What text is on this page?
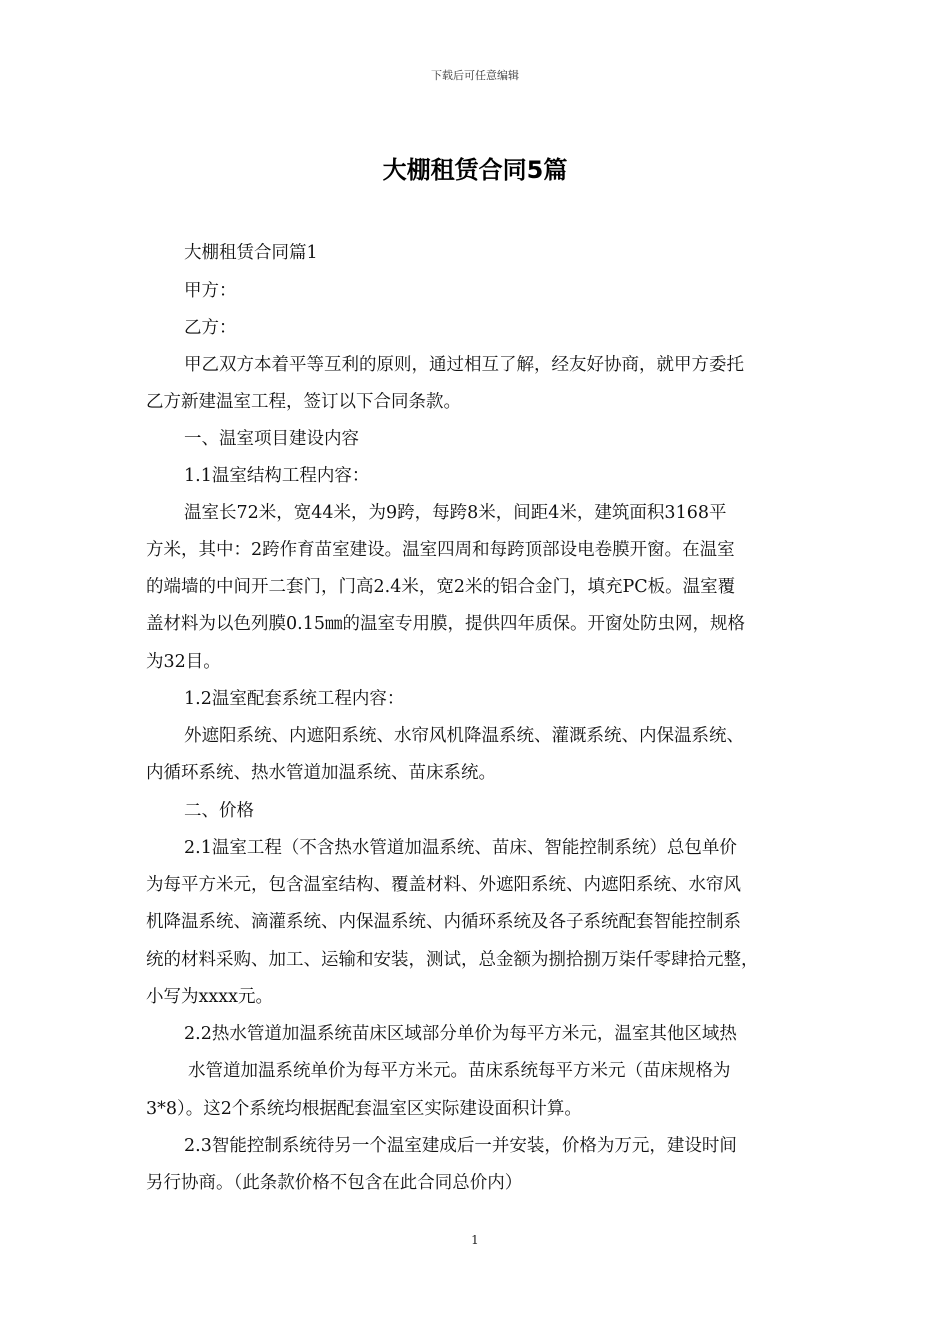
下载后可任意编辑
大棚租赁合同5篇
大棚租赁合同篇1
甲方：
乙方：
甲乙双方本着平等互利的原则，通过相互了解，经友好协商，就甲方委托
乙方新建温室工程，签订以下合同条款。
一、温室项目建设内容
1.1温室结构工程内容：
温室长72米，宽44米，为9跨，每跨8米，间距4米，建筑面积3168平
方米，其中：2跨作育苗室建设。温室四周和每跨顶部设电卷膜开窗。在温室
的端墙的中间开二套门，门高2.4米，宽2米的铝合金门，填充PC板。温室覆
盖材料为以色列膜0.15㎜的温室专用膜，提供四年质保。开窗处防虫网，规格
为32目。
1.2温室配套系统工程内容：
外遮阳系统、内遮阳系统、水帘风机降温系统、灌溉系统、内保温系统、
内循环系统、热水管道加温系统、苗床系统。
二、价格
2.1温室工程（不含热水管道加温系统、苗床、智能控制系统）总包单价
为每平方米元，包含温室结构、覆盖材料、外遮阳系统、内遮阳系统、水帘风
机降温系统、滴灌系统、内保温系统、内循环系统及各子系统配套智能控制系
统的材料采购、加工、运输和安装，测试，总金额为捌拾捌万柒仟零肆拾元整，
小写为xxxx元。
2.2热水管道加温系统苗床区域部分单价为每平方米元，温室其他区域热
水管道加温系统单价为每平方米元。苗床系统每平方米元（苗床规格为
3*8）。这2个系统均根据配套温室区实际建设面积计算。
2.3智能控制系统待另一个温室建成后一并安装，价格为万元，建设时间
另行协商。（此条款价格不包含在此合同总价内）
1
